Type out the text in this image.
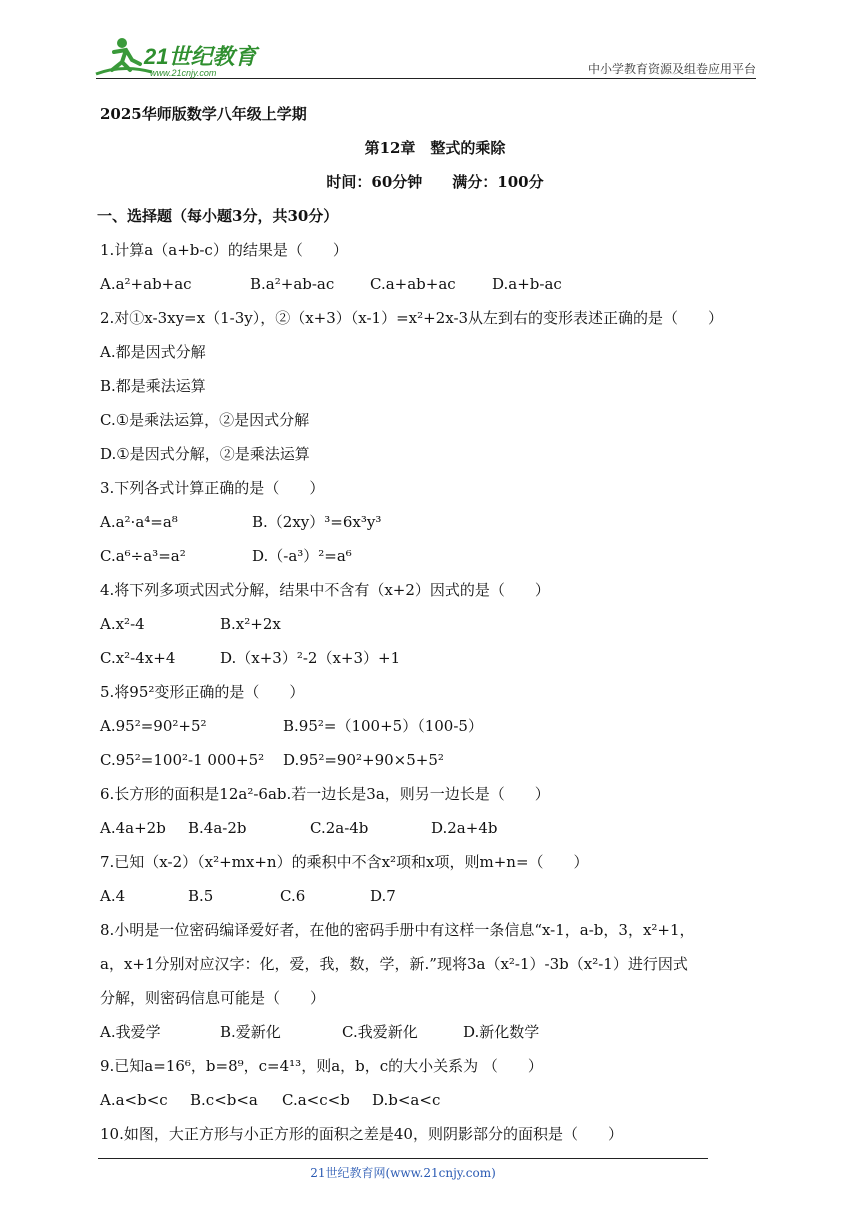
21世纪教育
www.21cnjy.com	中小学教育资源及组卷应用平台
2025华师版数学八年级上学期
第12章　整式的乘除
时间：60分钟　　满分：100分
一、选择题（每小题3分，共30分）
1.计算a（a+b-c）的结果是（　　）
A.a²+ab+ac	B.a²+ab-ac	C.a+ab+ac	D.a+b-ac
2.对①x-3xy=x（1-3y），②（x+3）（x-1）=x²+2x-3从左到右的变形表述正确的是（　　）
A.都是因式分解
B.都是乘法运算
C.①是乘法运算，②是因式分解
D.①是因式分解，②是乘法运算
3.下列各式计算正确的是（　　）
A.a²·a⁴=a⁸	B.（2xy）³=6x³y³
C.a⁶÷a³=a²	D.（-a³）²=a⁶
4.将下列多项式因式分解，结果中不含有（x+2）因式的是（　　）
A.x²-4	B.x²+2x
C.x²-4x+4	D.（x+3）²-2（x+3）+1
5.将95²变形正确的是（　　）
A.95²=90²+5²	B.95²=（100+5）（100-5）
C.95²=100²-1 000+5²	D.95²=90²+90×5+5²
6.长方形的面积是12a²-6ab.若一边长是3a，则另一边长是（　　）
A.4a+2b	B.4a-2b	C.2a-4b	D.2a+4b
7.已知（x-2）（x²+mx+n）的乘积中不含x²项和x项，则m+n=（　　）
A.4	B.5	C.6	D.7
8.小明是一位密码编译爱好者，在他的密码手册中有这样一条信息“x-1，a-b，3，x²+1，
a，x+1分别对应汉字：化，爱，我，数，学，新.”现将3a（x²-1）-3b（x²-1）进行因式
分解，则密码信息可能是（　　）
A.我爱学	B.爱新化	C.我爱新化	D.新化数学
9.已知a=16⁶，b=8⁹，c=4¹³，则a，b，c的大小关系为 （　　）
A.a<b<c	B.c<b<a	C.a<c<b	D.b<a<c
10.如图，大正方形与小正方形的面积之差是40，则阴影部分的面积是（　　）
21世纪教育网(www.21cnjy.com)
